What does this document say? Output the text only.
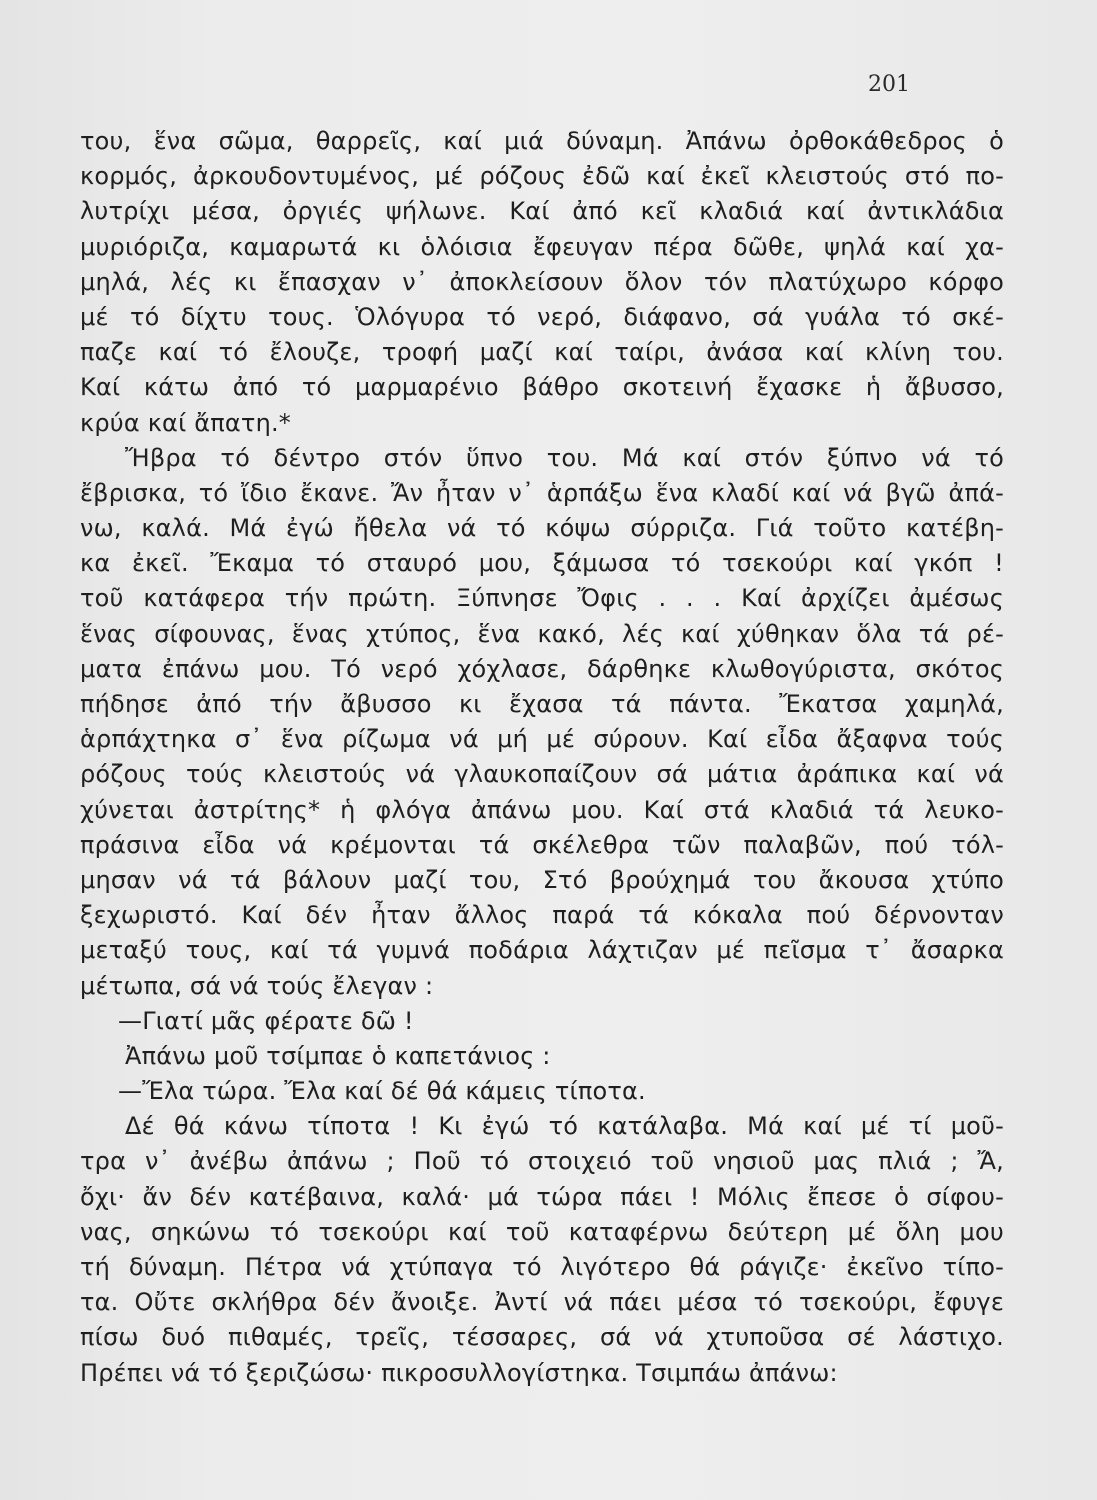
201
του, ἕνα σῶμα, θαρρεῖς, καί μιά δύναμη. Ἀπάνω ὀρθοκάθεδρος ὁ
κορμός, ἀρκουδοντυμένος, μέ ρόζους ἐδῶ καί ἐκεῖ κλειστούς στό πο-
λυτρίχι μέσα, ὀργιές ψήλωνε. Καί ἀπό κεῖ κλαδιά καί ἀντικλάδια
μυριόριζα, καμαρωτά κι ὁλόισια ἔφευγαν πέρα δῶθε, ψηλά καί χα-
μηλά, λές κι ἔπασχαν ν᾽ ἀποκλείσουν ὅλον τόν πλατύχωρο κόρφο
μέ τό δίχτυ τους. Ὁλόγυρα τό νερό, διάφανο, σά γυάλα τό σκέ-
παζε καί τό ἔλουζε, τροφή μαζί καί ταίρι, ἀνάσα καί κλίνη του.
Καί κάτω ἀπό τό μαρμαρένιο βάθρο σκοτεινή ἔχασκε ἡ ἄβυσσο,
κρύα καί ἄπατη.*
Ἤβρα τό δέντρο στόν ὕπνο του. Μά καί στόν ξύπνο νά τό
ἔβρισκα, τό ἴδιο ἔκανε. Ἄν ἦταν ν᾽ ἁρπάξω ἕνα κλαδί καί νά βγῶ ἀπά-
νω, καλά. Μά ἐγώ ἤθελα νά τό κόψω σύρριζα. Γιά τοῦτο κατέβη-
κα ἐκεῖ. Ἔκαμα τό σταυρό μου, ξάμωσα τό τσεκούρι καί γκόπ !
τοῦ κατάφερα τήν πρώτη. Ξύπνησε Ὄφις . . . Καί ἀρχίζει ἀμέσως
ἕνας σίφουνας, ἕνας χτύπος, ἕνα κακό, λές καί χύθηκαν ὅλα τά ρέ-
ματα ἐπάνω μου. Τό νερό χόχλασε, δάρθηκε κλωθογύριστα, σκότος
πήδησε ἀπό τήν ἄβυσσο κι ἔχασα τά πάντα. Ἔκατσα χαμηλά,
ἁρπάχτηκα σ᾽ ἕνα ρίζωμα νά μή μέ σύρουν. Καί εἶδα ἄξαφνα τούς
ρόζους τούς κλειστούς νά γλαυκοπαίζουν σά μάτια ἀράπικα καί νά
χύνεται ἀστρίτης* ἡ φλόγα ἀπάνω μου. Καί στά κλαδιά τά λευκο-
πράσινα εἶδα νά κρέμονται τά σκέλεθρα τῶν παλαβῶν, πού τόλ-
μησαν νά τά βάλουν μαζί του, Στό βρούχημά του ἄκουσα χτύπο
ξεχωριστό. Καί δέν ἦταν ἄλλος παρά τά κόκαλα πού δέρνονταν
μεταξύ τους, καί τά γυμνά ποδάρια λάχτιζαν μέ πεῖσμα τ᾽ ἄσαρκα
μέτωπα, σά νά τούς ἔλεγαν :
—Γιατί μᾶς φέρατε δῶ !
Ἀπάνω μοῦ τσίμπαε ὁ καπετάνιος :
—Ἔλα τώρα. Ἔλα καί δέ θά κάμεις τίποτα.
Δέ θά κάνω τίποτα ! Κι ἐγώ τό κατάλαβα. Μά καί μέ τί μοῦ-
τρα ν᾽ ἀνέβω ἀπάνω ; Ποῦ τό στοιχειό τοῦ νησιοῦ μας πλιά ; Ἄ,
ὄχι· ἄν δέν κατέβαινα, καλά· μά τώρα πάει ! Μόλις ἔπεσε ὁ σίφου-
νας, σηκώνω τό τσεκούρι καί τοῦ καταφέρνω δεύτερη μέ ὅλη μου
τή δύναμη. Πέτρα νά χτύπαγα τό λιγότερο θά ράγιζε· ἐκεῖνο τίπο-
τα. Οὔτε σκλήθρα δέν ἄνοιξε. Ἀντί νά πάει μέσα τό τσεκούρι, ἔφυγε
πίσω δυό πιθαμές, τρεῖς, τέσσαρες, σά νά χτυποῦσα σέ λάστιχο.
Πρέπει νά τό ξεριζώσω· πικροσυλλογίστηκα. Τσιμπάω ἀπάνω:
